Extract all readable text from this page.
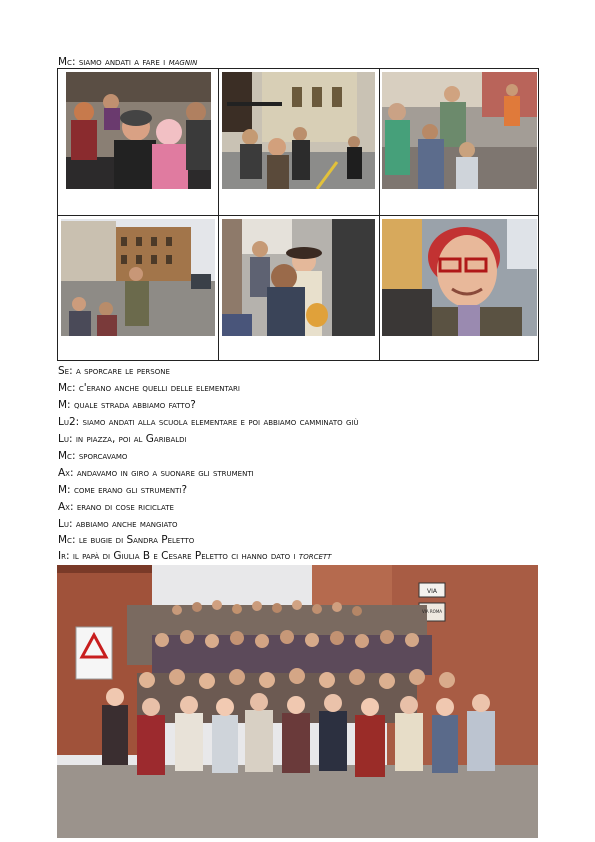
Mc: siamo andati a fare i magnin
Se: a sporcare le persone
Mc: c'erano anche quelli delle elementari
M: quale strada abbiamo fatto?
Lu2: siamo andati alla scuola elementare e poi abbiamo camminato giù
Lu: in piazza, poi al Garibaldi
Mc: sporcavamo
Ax: andavamo in giro a suonare gli strumenti
M: come erano gli strumenti?
Ax: erano di cose riciclate
Lu: abbiamo anche mangiato
Mc: le bugie di Sandra Peletto
Ir: il papà di Giulia B e Cesare Peletto ci hanno dato i torcett
VIA
VIA ROMA
